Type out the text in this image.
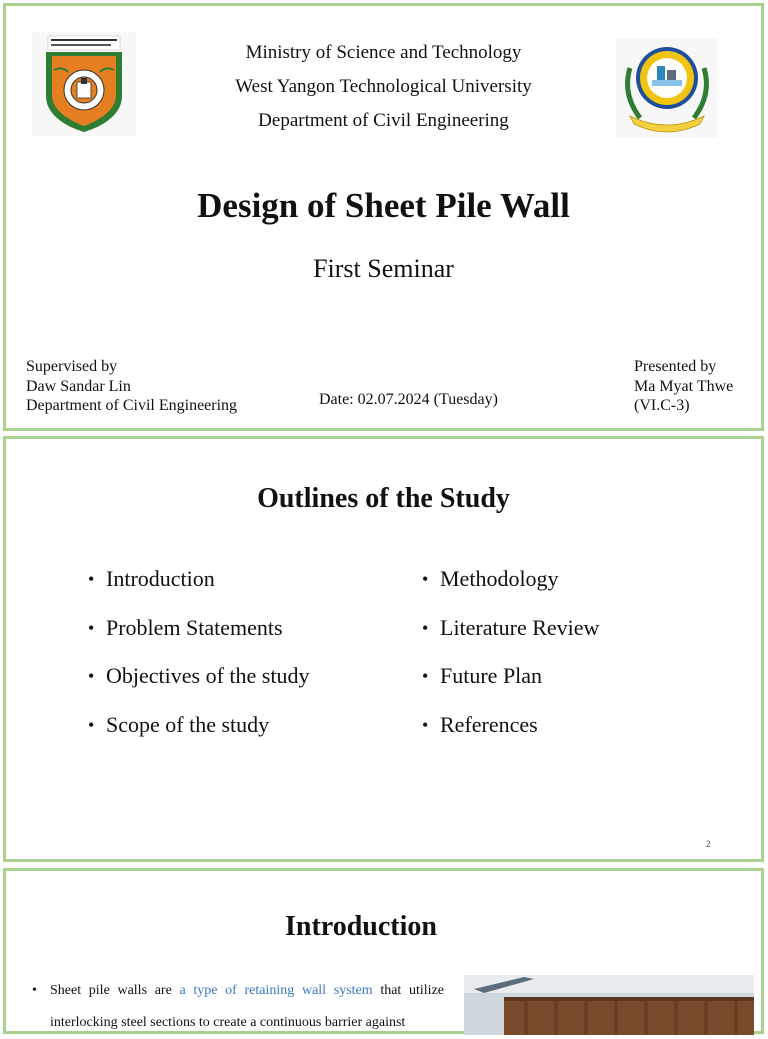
Ministry of Science and Technology
West Yangon Technological University
Department of Civil Engineering
Design of Sheet Pile Wall
First Seminar
Supervised by
Daw Sandar Lin
Department of Civil Engineering	Date: 02.07.2024 (Tuesday)
Presented by
Ma Myat Thwe
(VI.C-3)
Outlines of the Study
• Introduction
• Problem Statements
• Objectives of the study
• Scope of the study
• Methodology
• Literature Review
• Future Plan
• References
2
Introduction
• Sheet pile walls are a type of retaining wall system that utilize interlocking steel sections to create a continuous barrier against
